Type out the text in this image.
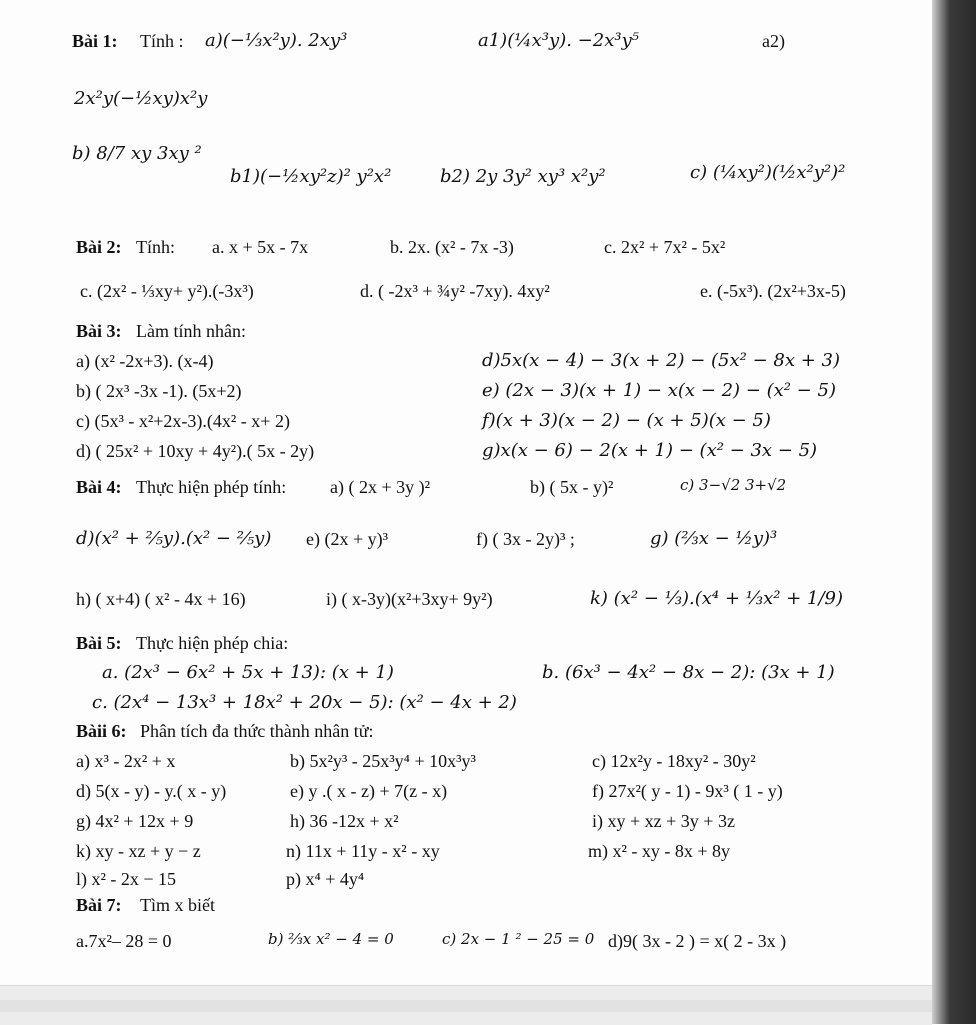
Bài 1: Tính : a)(−⅓x²y). 2xy³	a1)(¼x³y). −2x³y⁵	a2)
2x²y(−½xy)x²y
b) 8/7 xy 3xy ²
b1)(−½xy²z)² y²x²	b2) 2y 3y² xy³ x²y²	c) (¼xy²)(½x²y²)²
Bài 2: Tính: a. x + 5x - 7x	b. 2x. (x² - 7x -3)	c. 2x² + 7x² - 5x²
c. (2x² - ⅓xy+ y²).(-3x³)	d. ( -2x³ + ¾y² -7xy). 4xy²	e. (-5x³). (2x²+3x-5)
Bài 3: Làm tính nhân:
a) (x² -2x+3). (x-4)
b) ( 2x³ -3x -1). (5x+2)
c) (5x³ - x²+2x-3).(4x² - x+ 2)
d) ( 25x² + 10xy + 4y²).( 5x - 2y)
d)5x(x − 4) − 3(x + 2) − (5x² − 8x + 3)
e) (2x − 3)(x + 1) − x(x − 2) − (x² − 5)
f)(x + 3)(x − 2) − (x + 5)(x − 5)
g)x(x − 6) − 2(x + 1) − (x² − 3x − 5)
Bài 4: Thực hiện phép tính: a) ( 2x + 3y )²	b) ( 5x - y)²	c) 3−√2 3+√2
d)(x² + ⅖y).(x² − ⅖y) e) (2x + y)³	f) ( 3x - 2y)³ ;	g) (⅔x − ½y)³
h) ( x+4) ( x² - 4x + 16)	i) ( x-3y)(x²+3xy+ 9y²)	k) (x² − ⅓).(x⁴ + ⅓x² + 1/9)
Bài 5: Thực hiện phép chia:
a. (2x³ − 6x² + 5x + 13): (x + 1)	b. (6x³ − 4x² − 8x − 2): (3x + 1)
c. (2x⁴ − 13x³ + 18x² + 20x − 5): (x² − 4x + 2)
Bàii 6: Phân tích đa thức thành nhân tử:
a) x³ - 2x² + x	b) 5x²y³ - 25x³y⁴ + 10x³y³	c) 12x²y - 18xy² - 30y²
d) 5(x - y) - y.( x - y)	e) y .( x - z) + 7(z - x)	f) 27x²( y - 1) - 9x³ ( 1 - y)
g) 4x² + 12x + 9	h) 36 -12x + x²	i) xy + xz + 3y + 3z
k) xy - xz + y − z	n) 11x + 11y - x² - xy	m) x² - xy - 8x + 8y
l) x² - 2x − 15	p) x⁴ + 4y⁴
Bài 7: Tìm x biết
a.7x²– 28 = 0	b) ⅔x x² − 4 = 0	c) 2x − 1 ² − 25 = 0 d)9( 3x - 2 ) = x( 2 - 3x )
